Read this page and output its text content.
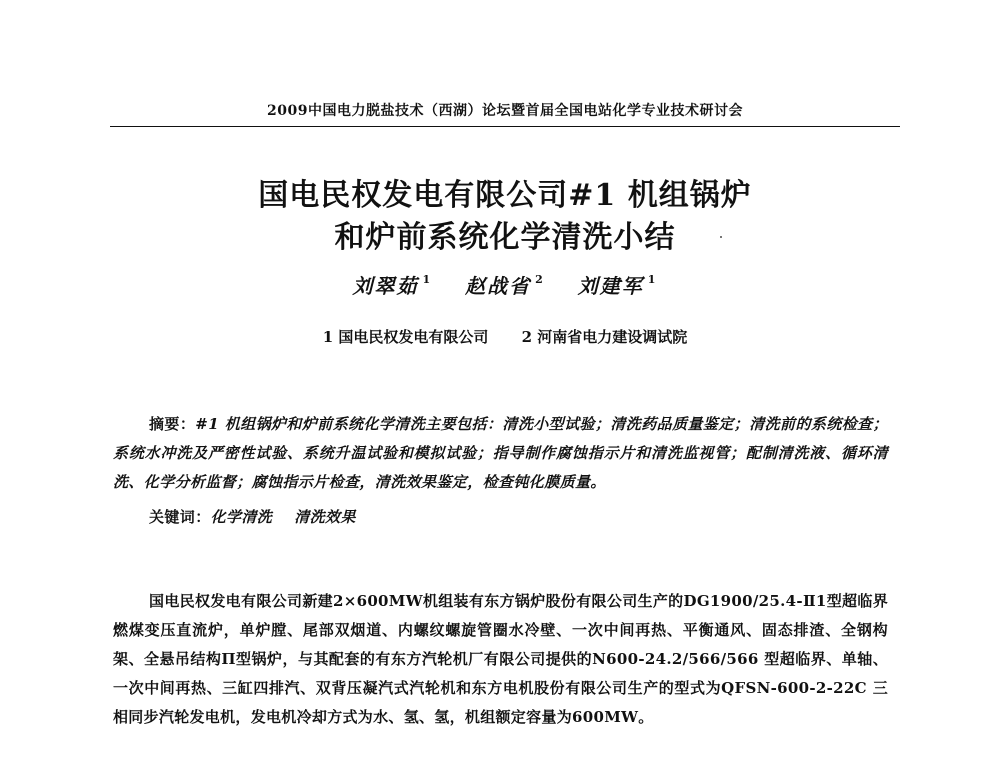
2009中国电力脱盐技术（西湖）论坛暨首届全国电站化学专业技术研讨会
国电民权发电有限公司#1 机组锅炉
和炉前系统化学清洗小结
刘翠茹 $^1$ 赵战省 $^2$ 刘建军 $^1$
1 国电民权发电有限公司 2 河南省电力建设调试院
摘要：#1 机组锅炉和炉前系统化学清洗主要包括：清洗小型试验；清洗药品质量鉴定；清洗前的系统检查；系统水冲洗及严密性试验、系统升温试验和模拟试验；指导制作腐蚀指示片和清洗监视管；配制清洗液、循环清洗、化学分析监督；腐蚀指示片检查，清洗效果鉴定，检查钝化膜质量。
关键词：化学清洗 清洗效果
国电民权发电有限公司新建2×600MW机组装有东方锅炉股份有限公司生产的DG1900/25.4-Ⅱ1型超临界燃煤变压直流炉，单炉膛、尾部双烟道、内螺纹螺旋管圈水冷壁、一次中间再热、平衡通风、固态排渣、全钢构架、全悬吊结构Π型锅炉，与其配套的有东方汽轮机厂有限公司提供的N600-24.2/566/566 型超临界、单轴、一次中间再热、三缸四排汽、双背压凝汽式汽轮机和东方电机股份有限公司生产的型式为QFSN-600-2-22C 三相同步汽轮发电机，发电机冷却方式为水、氢、氢，机组额定容量为600MW。
